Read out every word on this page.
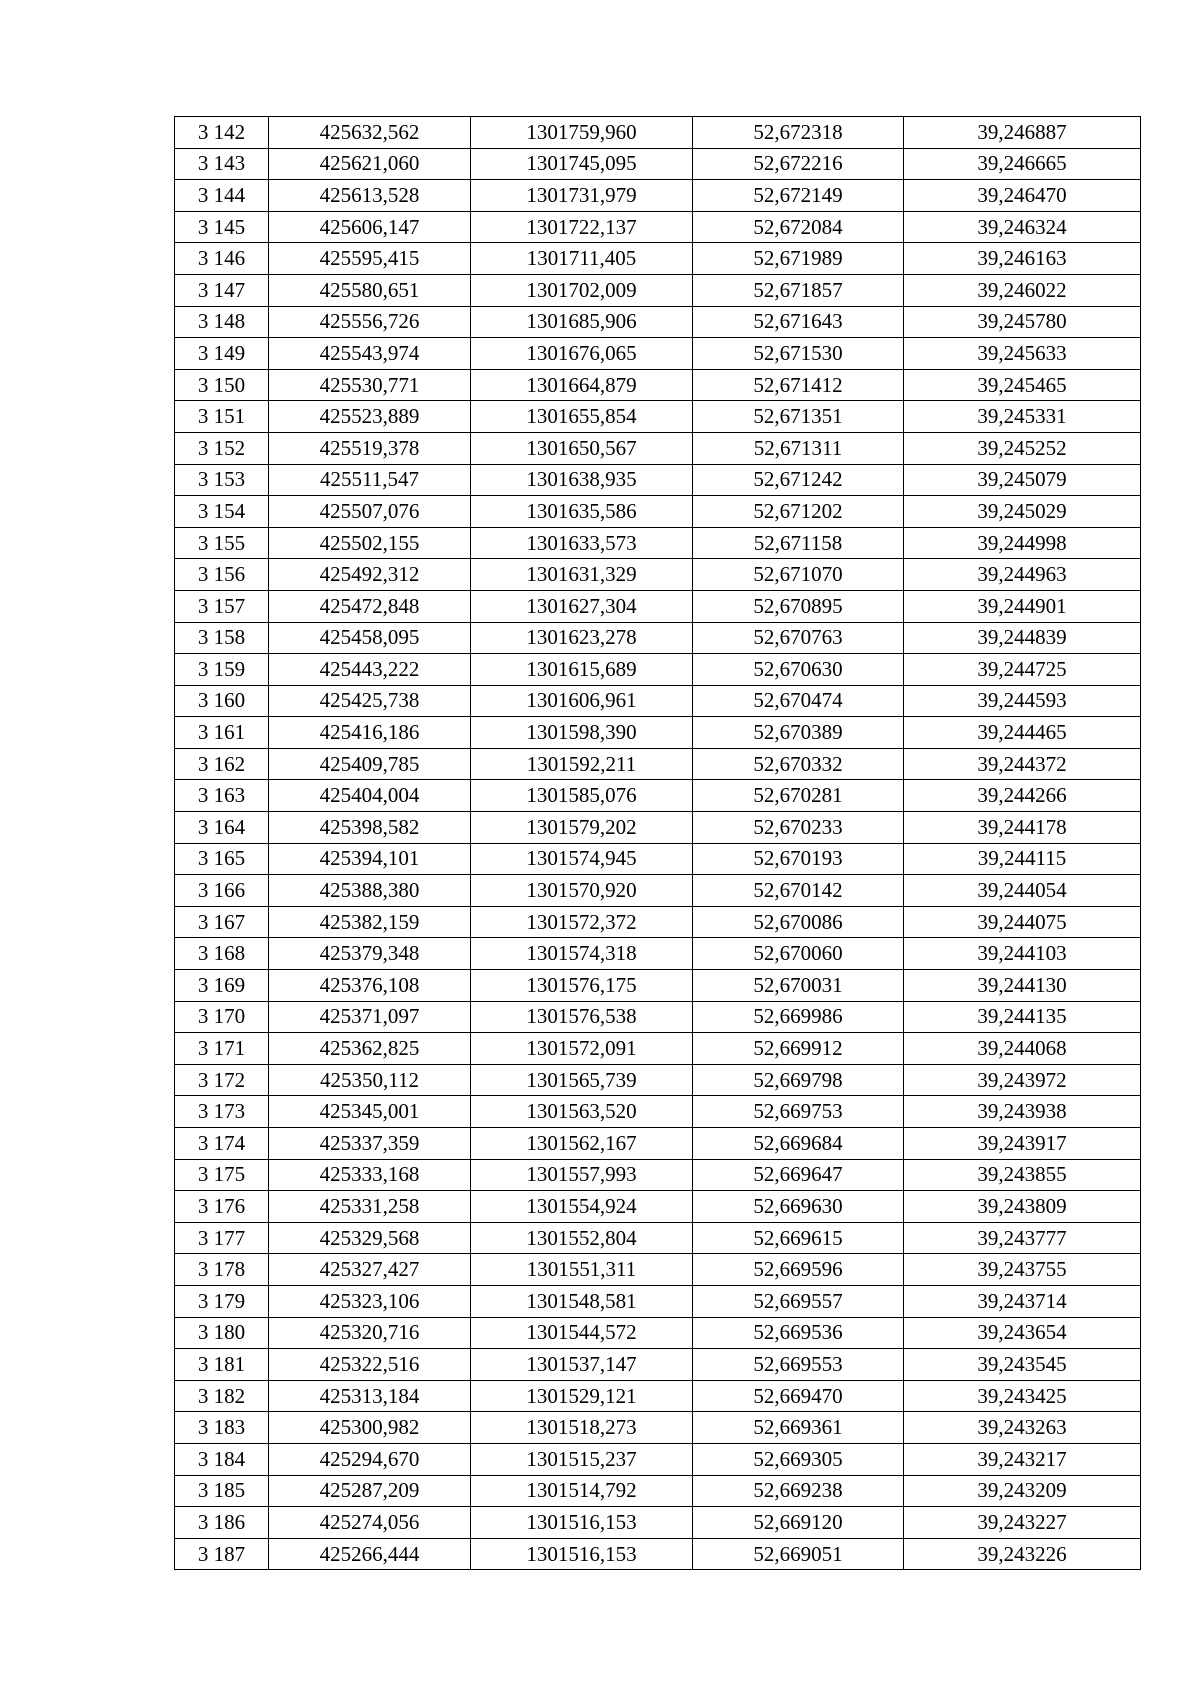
3 142	425632,562	1301759,960	52,672318	39,246887
3 143	425621,060	1301745,095	52,672216	39,246665
3 144	425613,528	1301731,979	52,672149	39,246470
3 145	425606,147	1301722,137	52,672084	39,246324
3 146	425595,415	1301711,405	52,671989	39,246163
3 147	425580,651	1301702,009	52,671857	39,246022
3 148	425556,726	1301685,906	52,671643	39,245780
3 149	425543,974	1301676,065	52,671530	39,245633
3 150	425530,771	1301664,879	52,671412	39,245465
3 151	425523,889	1301655,854	52,671351	39,245331
3 152	425519,378	1301650,567	52,671311	39,245252
3 153	425511,547	1301638,935	52,671242	39,245079
3 154	425507,076	1301635,586	52,671202	39,245029
3 155	425502,155	1301633,573	52,671158	39,244998
3 156	425492,312	1301631,329	52,671070	39,244963
3 157	425472,848	1301627,304	52,670895	39,244901
3 158	425458,095	1301623,278	52,670763	39,244839
3 159	425443,222	1301615,689	52,670630	39,244725
3 160	425425,738	1301606,961	52,670474	39,244593
3 161	425416,186	1301598,390	52,670389	39,244465
3 162	425409,785	1301592,211	52,670332	39,244372
3 163	425404,004	1301585,076	52,670281	39,244266
3 164	425398,582	1301579,202	52,670233	39,244178
3 165	425394,101	1301574,945	52,670193	39,244115
3 166	425388,380	1301570,920	52,670142	39,244054
3 167	425382,159	1301572,372	52,670086	39,244075
3 168	425379,348	1301574,318	52,670060	39,244103
3 169	425376,108	1301576,175	52,670031	39,244130
3 170	425371,097	1301576,538	52,669986	39,244135
3 171	425362,825	1301572,091	52,669912	39,244068
3 172	425350,112	1301565,739	52,669798	39,243972
3 173	425345,001	1301563,520	52,669753	39,243938
3 174	425337,359	1301562,167	52,669684	39,243917
3 175	425333,168	1301557,993	52,669647	39,243855
3 176	425331,258	1301554,924	52,669630	39,243809
3 177	425329,568	1301552,804	52,669615	39,243777
3 178	425327,427	1301551,311	52,669596	39,243755
3 179	425323,106	1301548,581	52,669557	39,243714
3 180	425320,716	1301544,572	52,669536	39,243654
3 181	425322,516	1301537,147	52,669553	39,243545
3 182	425313,184	1301529,121	52,669470	39,243425
3 183	425300,982	1301518,273	52,669361	39,243263
3 184	425294,670	1301515,237	52,669305	39,243217
3 185	425287,209	1301514,792	52,669238	39,243209
3 186	425274,056	1301516,153	52,669120	39,243227
3 187	425266,444	1301516,153	52,669051	39,243226
